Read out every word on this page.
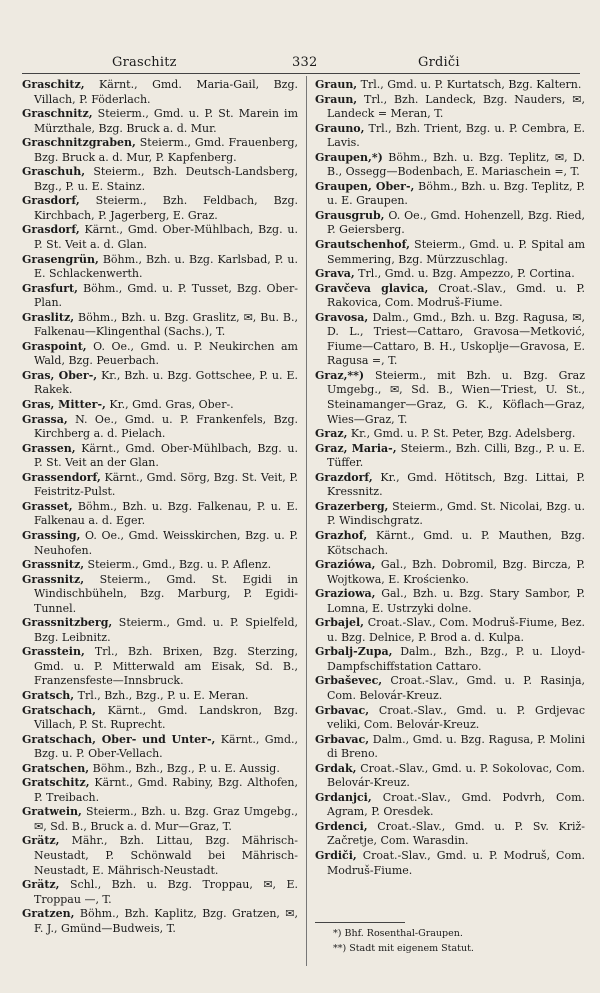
Graschitz	332	Grdiči

Graschitz, Kärnt., Gmd. Maria-Gail, Bzg. Villach, P. Föderlach.

Graschnitz, Steierm., Gmd. u. P. St. Marein im Mürzthale, Bzg. Bruck a. d. Mur.

Graschnitzgraben, Steierm., Gmd. Frauenberg, Bzg. Bruck a. d. Mur, P. Kapfenberg.

Graschuh, Steierm., Bzh. Deutsch-Landsberg, Bzg., P. u. E. Stainz.

Grasdorf, Steierm., Bzh. Feldbach, Bzg. Kirchbach, P. Jagerberg, E. Graz.

Grasdorf, Kärnt., Gmd. Ober-Mühlbach, Bzg. u. P. St. Veit a. d. Glan.

Grasengrün, Böhm., Bzh. u. Bzg. Karlsbad, P. u. E. Schlackenwerth.

Grasfurt, Böhm., Gmd. u. P. Tusset, Bzg. Ober-Plan.

Graslitz, Böhm., Bzh. u. Bzg. Graslitz, ✉, Bu. B., Falkenau—Klingenthal (Sachs.), T.

Graspoint, O. Oe., Gmd. u. P. Neukirchen am Wald, Bzg. Peuerbach.

Gras, Ober-, Kr., Bzh. u. Bzg. Gottschee, P. u. E. Rakek.

Gras, Mitter-, Kr., Gmd. Gras, Ober-.

Grassa, N. Oe., Gmd. u. P. Frankenfels, Bzg. Kirchberg a. d. Pielach.

Grassen, Kärnt., Gmd. Ober-Mühlbach, Bzg. u. P. St. Veit an der Glan.

Grassendorf, Kärnt., Gmd. Sörg, Bzg. St. Veit, P. Feistritz-Pulst.

Grasset, Böhm., Bzh. u. Bzg. Falkenau, P. u. E. Falkenau a. d. Eger.

Grassing, O. Oe., Gmd. Weisskirchen, Bzg. u. P. Neuhofen.

Grassnitz, Steierm., Gmd., Bzg. u. P. Aflenz.

Grassnitz, Steierm., Gmd. St. Egidi in Windischbüheln, Bzg. Marburg, P. Egidi-Tunnel.

Grassnitzberg, Steierm., Gmd. u. P. Spielfeld, Bzg. Leibnitz.

Grasstein, Trl., Bzh. Brixen, Bzg. Sterzing, Gmd. u. P. Mitterwald am Eisak, Sd. B., Franzensfeste—Innsbruck.

Gratsch, Trl., Bzh., Bzg., P. u. E. Meran.

Gratschach, Kärnt., Gmd. Landskron, Bzg. Villach, P. St. Ruprecht.

Gratschach, Ober- und Unter-, Kärnt., Gmd., Bzg. u. P. Ober-Vellach.

Gratschen, Böhm., Bzh., Bzg., P. u. E. Aussig.

Gratschitz, Kärnt., Gmd. Rabiny, Bzg. Althofen, P. Treibach.

Gratwein, Steierm., Bzh. u. Bzg. Graz Umgebg., ✉, Sd. B., Bruck a. d. Mur—Graz, T.

Grätz, Mähr., Bzh. Littau, Bzg. Mährisch-Neustadt, P. Schönwald bei Mährisch-Neustadt, E. Mährisch-Neustadt.

Grätz, Schl., Bzh. u. Bzg. Troppau, ✉, E. Troppau —, T.

Gratzen, Böhm., Bzh. Kaplitz, Bzg. Gratzen, ✉, F. J., Gmünd—Budweis, T.

Graun, Trl., Gmd. u. P. Kurtatsch, Bzg. Kaltern.

Graun, Trl., Bzh. Landeck, Bzg. Nauders, ✉, Landeck = Meran, T.

Grauno, Trl., Bzh. Trient, Bzg. u. P. Cembra, E. Lavis.

Graupen,*) Böhm., Bzh. u. Bzg. Teplitz, ✉, D. B., Ossegg—Bodenbach, E. Mariaschein =, T.

Graupen, Ober-, Böhm., Bzh. u. Bzg. Teplitz, P. u. E. Graupen.

Grausgrub, O. Oe., Gmd. Hohenzell, Bzg. Ried, P. Geiersberg.

Grautschenhof, Steierm., Gmd. u. P. Spital am Semmering, Bzg. Mürzzuschlag.

Grava, Trl., Gmd. u. Bzg. Ampezzo, P. Cortina.

Gravčeva glavica, Croat.-Slav., Gmd. u. P. Rakovica, Com. Modruš-Fiume.

Gravosa, Dalm., Gmd., Bzh. u. Bzg. Ragusa, ✉, D. L., Triest—Cattaro, Gravosa—Metković, Fiume—Cattaro, B. H., Uskoplje—Gravosa, E. Ragusa =, T.

Graz,**) Steierm., mit Bzh. u. Bzg. Graz Umgebg., ✉, Sd. B., Wien—Triest, U. St., Steinamanger—Graz, G. K., Köflach—Graz, Wies—Graz, T.

Graz, Kr., Gmd. u. P. St. Peter, Bzg. Adelsberg.

Graz, Maria-, Steierm., Bzh. Cilli, Bzg., P. u. E. Tüffer.

Grazdorf, Kr., Gmd. Hötitsch, Bzg. Littai, P. Kressnitz.

Grazerberg, Steierm., Gmd. St. Nicolai, Bzg. u. P. Windischgratz.

Grazhof, Kärnt., Gmd. u. P. Mauthen, Bzg. Kötschach.

Graziówa, Gal., Bzh. Dobromil, Bzg. Bircza, P. Wojtkowa, E. Krościenko.

Graziowa, Gal., Bzh. u. Bzg. Stary Sambor, P. Lomna, E. Ustrzyki dolne.

Grbajel, Croat.-Slav., Com. Modruš-Fiume, Bez. u. Bzg. Delnice, P. Brod a. d. Kulpa.

Grbalj-Zupa, Dalm., Bzh., Bzg., P. u. Lloyd-Dampfschiffstation Cattaro.

Grbaševec, Croat.-Slav., Gmd. u. P. Rasinja, Com. Belovár-Kreuz.

Grbavac, Croat.-Slav., Gmd. u. P. Grdjevac veliki, Com. Belovár-Kreuz.

Grbavac, Dalm., Gmd. u. Bzg. Ragusa, P. Molini di Breno.

Grdak, Croat.-Slav., Gmd. u. P. Sokolovac, Com. Belovár-Kreuz.

Grdanjci, Croat.-Slav., Gmd. Podvrh, Com. Agram, P. Oresdek.

Grdenci, Croat.-Slav., Gmd. u. P. Sv. Križ-Začretje, Com. Warasdin.

Grdiči, Croat.-Slav., Gmd. u. P. Modruš, Com. Modruš-Fiume.

*) Bhf. Rosenthal-Graupen.
**) Stadt mit eigenem Statut.
